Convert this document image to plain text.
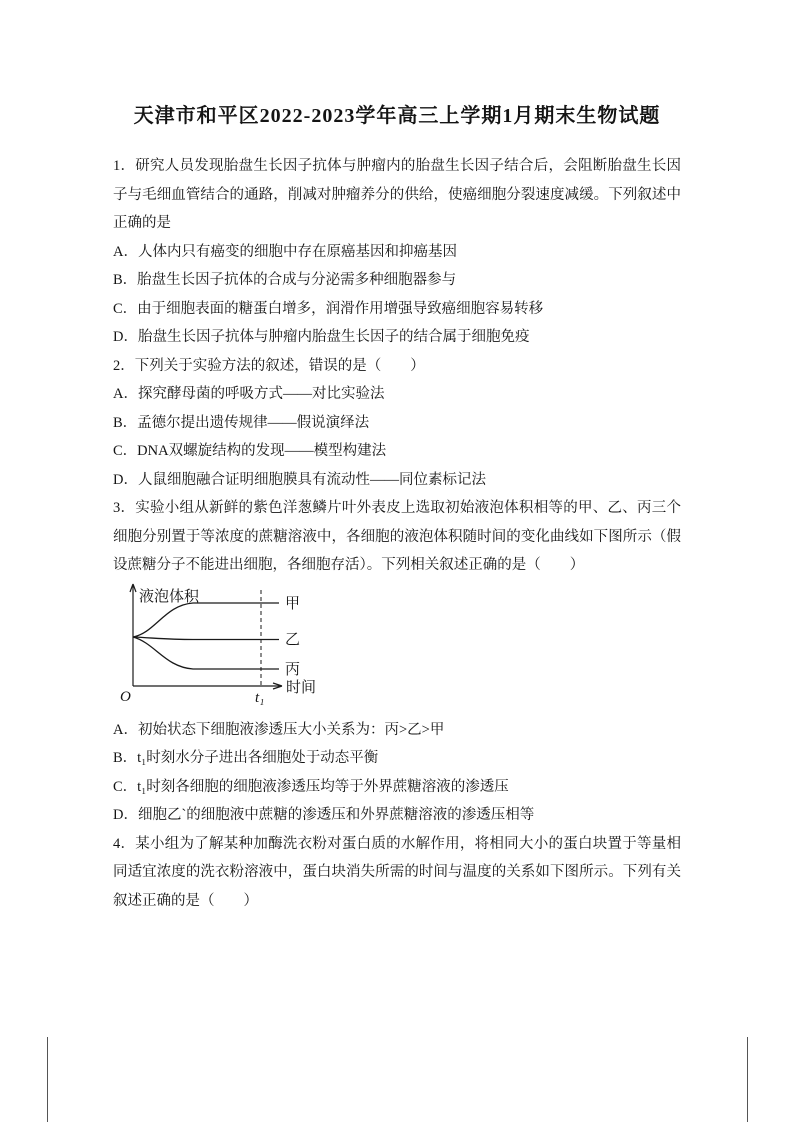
天津市和平区2022-2023学年高三上学期1月期末生物试题

1．研究人员发现胎盘生长因子抗体与肿瘤内的胎盘生长因子结合后，会阻断胎盘生长因子与毛细血管结合的通路，削减对肿瘤养分的供给，使癌细胞分裂速度减缓。下列叙述中正确的是

A．人体内只有癌变的细胞中存在原癌基因和抑癌基因

B．胎盘生长因子抗体的合成与分泌需多种细胞器参与

C．由于细胞表面的糖蛋白增多，润滑作用增强导致癌细胞容易转移

D．胎盘生长因子抗体与肿瘤内胎盘生长因子的结合属于细胞免疫

2．下列关于实验方法的叙述，错误的是（　　）

A．探究酵母菌的呼吸方式——对比实验法

B．孟德尔提出遗传规律——假说演绎法

C．DNA双螺旋结构的发现——模型构建法

D．人鼠细胞融合证明细胞膜具有流动性——同位素标记法

3．实验小组从新鲜的紫色洋葱鳞片叶外表皮上选取初始液泡体积相等的甲、乙、丙三个细胞分别置于等浓度的蔗糖溶液中，各细胞的液泡体积随时间的变化曲线如下图所示（假设蔗糖分子不能进出细胞，各细胞存活）。下列相关叙述正确的是（　　）

液泡体积	甲
乙
丙
时间
O	t₁

A．初始状态下细胞液渗透压大小关系为：丙>乙>甲

B．t₁时刻水分子进出各细胞处于动态平衡

C．t₁时刻各细胞的细胞液渗透压均等于外界蔗糖溶液的渗透压

D．细胞乙`的细胞液中蔗糖的渗透压和外界蔗糖溶液的渗透压相等

4．某小组为了解某种加酶洗衣粉对蛋白质的水解作用，将相同大小的蛋白块置于等量相同适宜浓度的洗衣粉溶液中，蛋白块消失所需的时间与温度的关系如下图所示。下列有关叙述正确的是（　　）
